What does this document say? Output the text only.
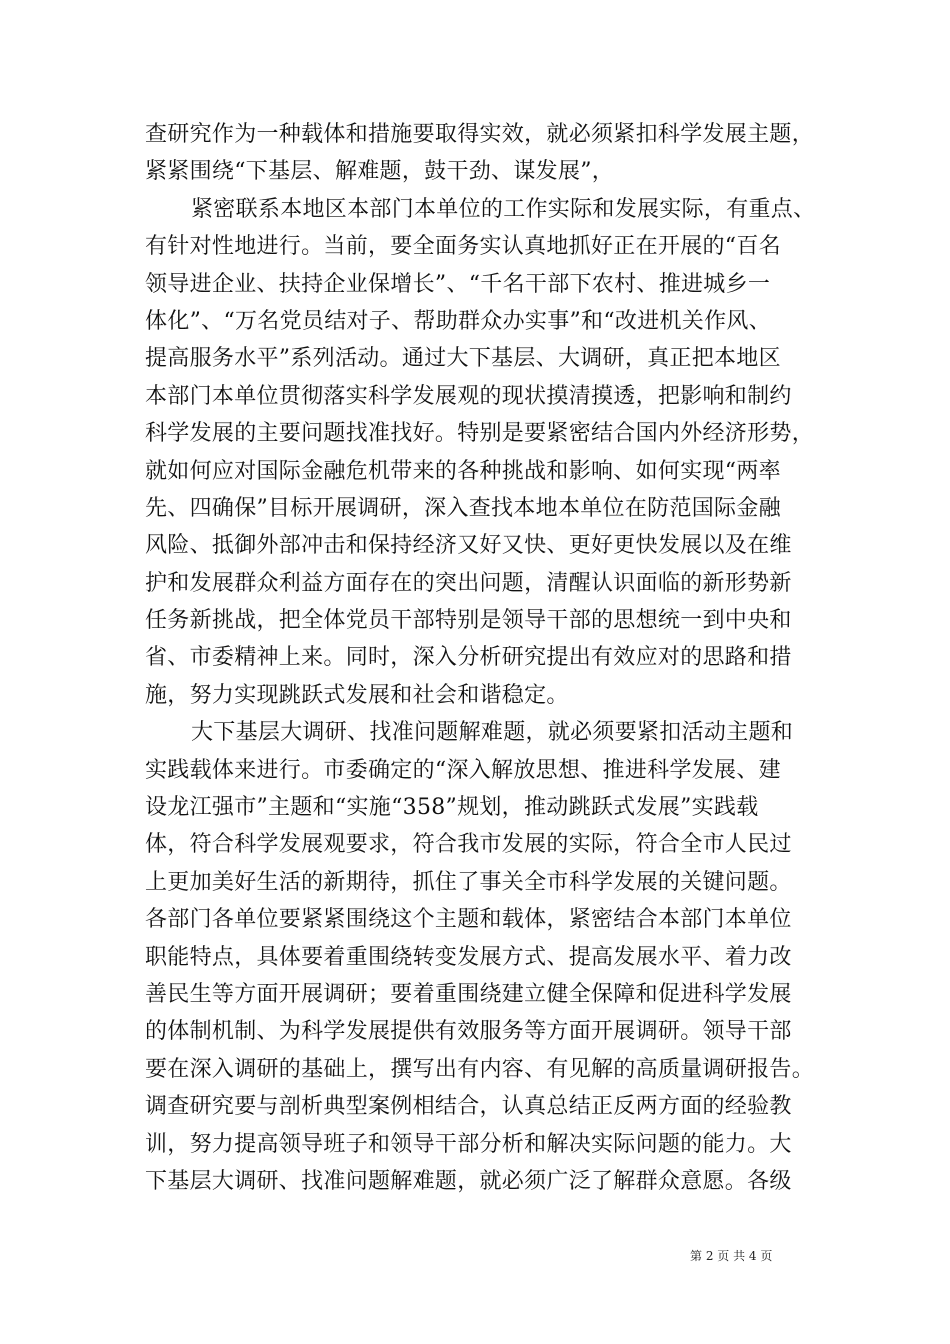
查研究作为一种载体和措施要取得实效，就必须紧扣科学发展主题，
紧紧围绕“下基层、解难题，鼓干劲、谋发展”，
紧密联系本地区本部门本单位的工作实际和发展实际，有重点、
有针对性地进行。当前，要全面务实认真地抓好正在开展的“百名
领导进企业、扶持企业保增长”、“千名干部下农村、推进城乡一
体化”、“万名党员结对子、帮助群众办实事”和“改进机关作风、
提高服务水平”系列活动。通过大下基层、大调研，真正把本地区
本部门本单位贯彻落实科学发展观的现状摸清摸透，把影响和制约
科学发展的主要问题找准找好。特别是要紧密结合国内外经济形势，
就如何应对国际金融危机带来的各种挑战和影响、如何实现“两率
先、四确保”目标开展调研，深入查找本地本单位在防范国际金融
风险、抵御外部冲击和保持经济又好又快、更好更快发展以及在维
护和发展群众利益方面存在的突出问题，清醒认识面临的新形势新
任务新挑战，把全体党员干部特别是领导干部的思想统一到中央和
省、市委精神上来。同时，深入分析研究提出有效应对的思路和措
施，努力实现跳跃式发展和社会和谐稳定。
大下基层大调研、找准问题解难题，就必须要紧扣活动主题和
实践载体来进行。市委确定的“深入解放思想、推进科学发展、建
设龙江强市”主题和“实施“358”规划，推动跳跃式发展”实践载
体，符合科学发展观要求，符合我市发展的实际，符合全市人民过
上更加美好生活的新期待，抓住了事关全市科学发展的关键问题。
各部门各单位要紧紧围绕这个主题和载体，紧密结合本部门本单位
职能特点，具体要着重围绕转变发展方式、提高发展水平、着力改
善民生等方面开展调研；要着重围绕建立健全保障和促进科学发展
的体制机制、为科学发展提供有效服务等方面开展调研。领导干部
要在深入调研的基础上，撰写出有内容、有见解的高质量调研报告。
调查研究要与剖析典型案例相结合，认真总结正反两方面的经验教
训，努力提高领导班子和领导干部分析和解决实际问题的能力。大
下基层大调研、找准问题解难题，就必须广泛了解群众意愿。各级
第 2 页 共 4 页
